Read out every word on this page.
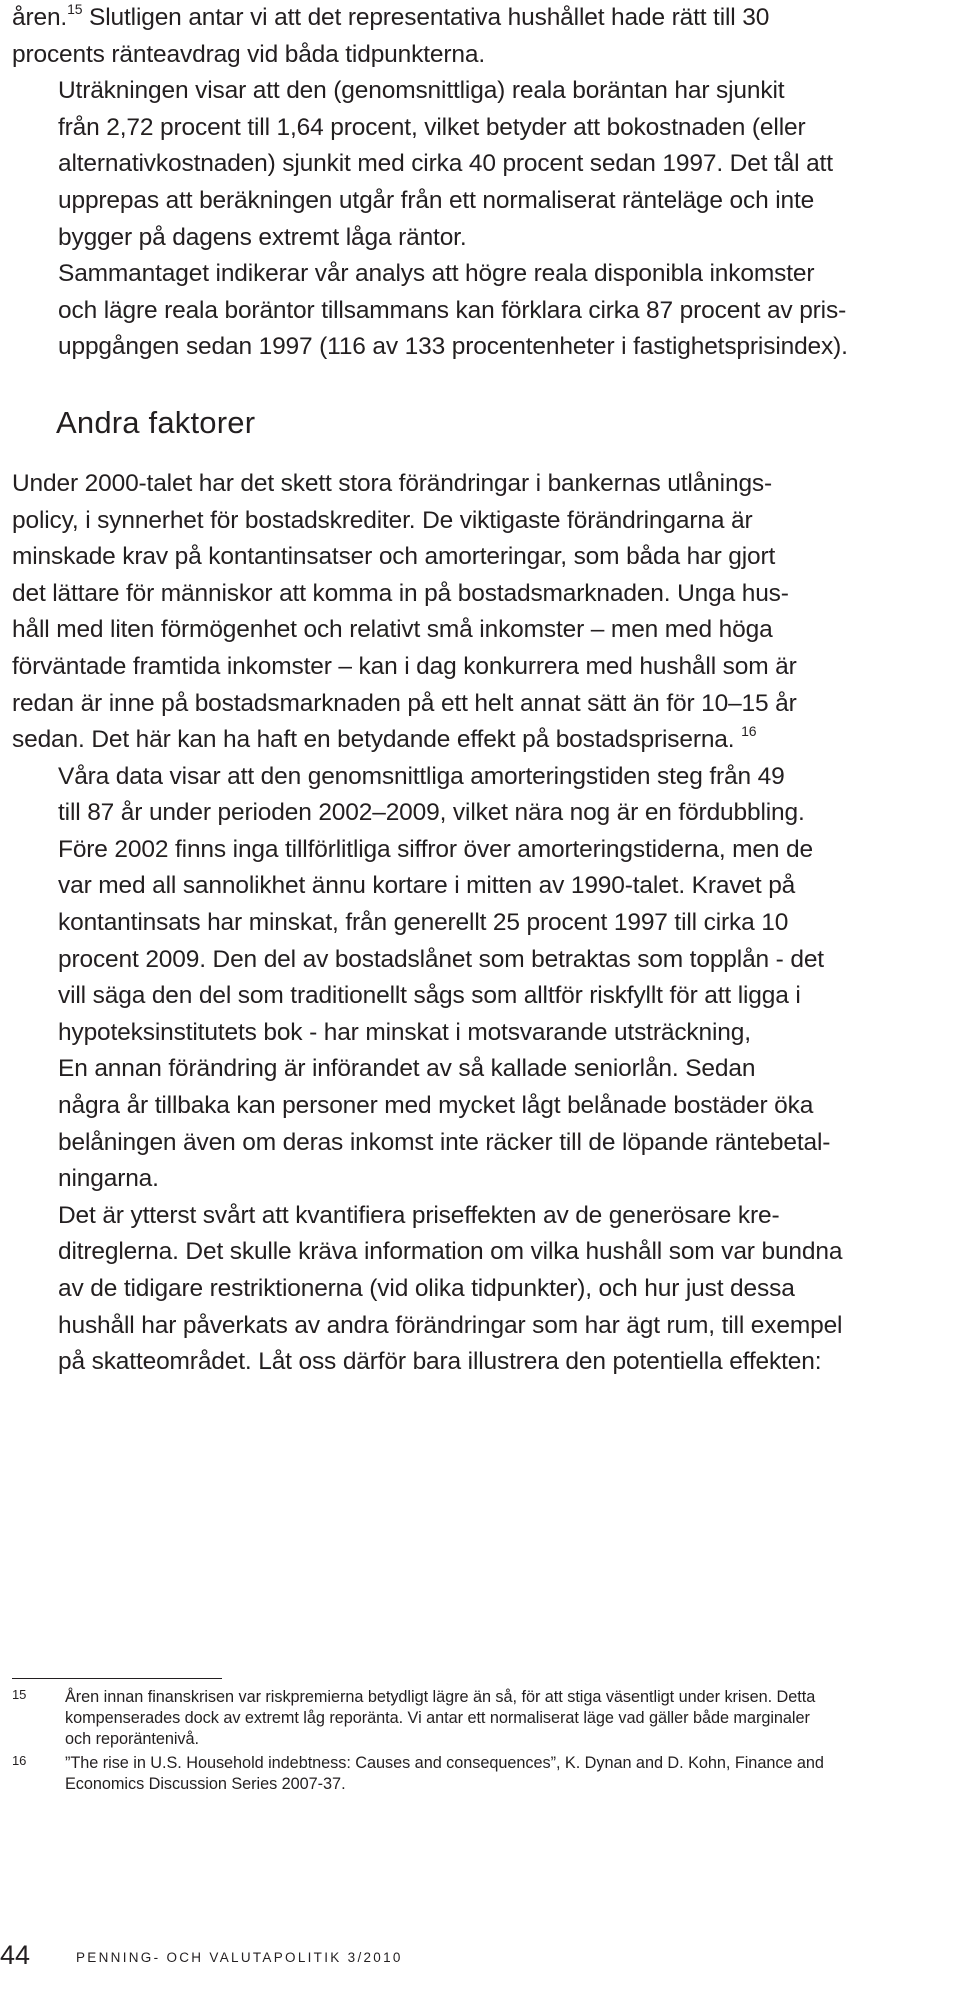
åren.$^{15}$ Slutligen antar vi att det representativa hushållet hade rätt till 30
procents ränteavdrag vid båda tidpunkterna.

Uträkningen visar att den (genomsnittliga) reala boräntan har sjunkit
från 2,72 procent till 1,64 procent, vilket betyder att bokostnaden (eller
alternativkostnaden) sjunkit med cirka 40 procent sedan 1997. Det tål att
upprepas att beräkningen utgår från ett normaliserat ränteläge och inte
bygger på dagens extremt låga räntor.

Sammantaget indikerar vår analys att högre reala disponibla inkomster
och lägre reala boräntor tillsammans kan förklara cirka 87 procent av pris-
uppgången sedan 1997 (116 av 133 procentenheter i fastighetsprisindex).

Andra faktorer

Under 2000-talet har det skett stora förändringar i bankernas utlånings-
policy, i synnerhet för bostadskrediter. De viktigaste förändringarna är
minskade krav på kontantinsatser och amorteringar, som båda har gjort
det lättare för människor att komma in på bostadsmarknaden. Unga hus-
håll med liten förmögenhet och relativt små inkomster – men med höga
förväntade framtida inkomster – kan i dag konkurrera med hushåll som är
redan är inne på bostadsmarknaden på ett helt annat sätt än för 10–15 år
sedan. Det här kan ha haft en betydande effekt på bostadspriserna. $^{16}$

Våra data visar att den genomsnittliga amorteringstiden steg från 49
till 87 år under perioden 2002–2009, vilket nära nog är en fördubbling.
Före 2002 finns inga tillförlitliga siffror över amorteringstiderna, men de
var med all sannolikhet ännu kortare i mitten av 1990-talet. Kravet på
kontantinsats har minskat, från generellt 25 procent 1997 till cirka 10
procent 2009. Den del av bostadslånet som betraktas som topplån - det
vill säga den del som traditionellt sågs som alltför riskfyllt för att ligga i
hypoteksinstitutets bok - har minskat i motsvarande utsträckning,

En annan förändring är införandet av så kallade seniorlån. Sedan
några år tillbaka kan personer med mycket lågt belånade bostäder öka
belåningen även om deras inkomst inte räcker till de löpande räntebetal-
ningarna.

Det är ytterst svårt att kvantifiera priseffekten av de generösare kre-
ditreglerna. Det skulle kräva information om vilka hushåll som var bundna
av de tidigare restriktionerna (vid olika tidpunkter), och hur just dessa
hushåll har påverkats av andra förändringar som har ägt rum, till exempel
på skatteområdet. Låt oss därför bara illustrera den potentiella effekten:

15 Åren innan finanskrisen var riskpremierna betydligt lägre än så, för att stiga väsentligt under krisen. Detta
kompenserades dock av extremt låg reporänta. Vi antar ett normaliserat läge vad gäller både marginaler
och reporäntenivå.
16 ”The rise in U.S. Household indebtness: Causes and consequences”, K. Dynan and D. Kohn, Finance and
Economics Discussion Series 2007-37.
44	PENNING- OCH VALUTAPOLITIK 3/2010
